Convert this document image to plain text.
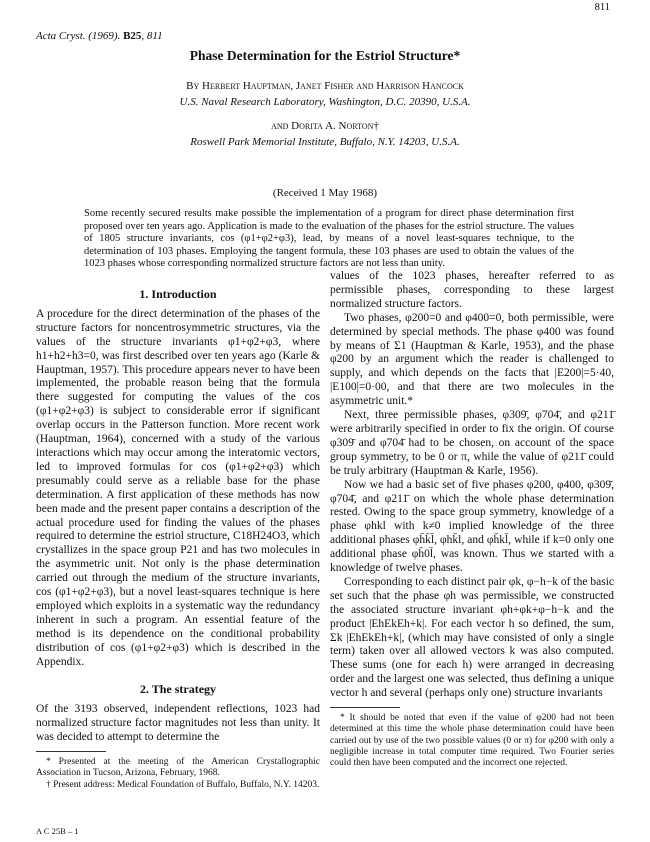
811
Acta Cryst. (1969). B25, 811
Phase Determination for the Estriol Structure*
By Herbert Hauptman, Janet Fisher and Harrison Hancock
U.S. Naval Research Laboratory, Washington, D.C. 20390, U.S.A.
and Dorita A. Norton†
Roswell Park Memorial Institute, Buffalo, N.Y. 14203, U.S.A.
(Received 1 May 1968)
Some recently secured results make possible the implementation of a program for direct phase determination first proposed over ten years ago. Application is made to the evaluation of the phases for the estriol structure. The values of 1805 structure invariants, cos (φ1+φ2+φ3), lead, by means of a novel least-squares technique, to the determination of 103 phases. Employing the tangent formula, these 103 phases are used to obtain the values of the 1023 phases whose corresponding normalized structure factors are not less than unity.
1. Introduction

A procedure for the direct determination of the phases of the structure factors for noncentrosymmetric structures, via the values of the structure invariants φ1+φ2+φ3, where h1+h2+h3=0, was first described over ten years ago (Karle & Hauptman, 1957). This procedure appears never to have been implemented, the probable reason being that the formula there suggested for computing the values of the cos (φ1+φ2+φ3) is subject to considerable error if significant overlap occurs in the Patterson function. More recent work (Hauptman, 1964), concerned with a study of the various interactions which may occur among the interatomic vectors, led to improved formulas for cos (φ1+φ2+φ3) which presumably could serve as a reliable base for the phase determination. A first application of these methods has now been made and the present paper contains a description of the actual procedure used for finding the values of the phases required to determine the estriol structure, C18H24O3, which crystallizes in the space group P21 and has two molecules in the asymmetric unit. Not only is the phase determination carried out through the medium of the structure invariants, cos (φ1+φ2+φ3), but a novel least-squares technique is here employed which exploits in a systematic way the redundancy inherent in such a program. An essential feature of the method is its dependence on the conditional probability distribution of cos (φ1+φ2+φ3) which is described in the Appendix.

2. The strategy

Of the 3193 observed, independent reflections, 1023 had normalized structure factor magnitudes not less than unity. It was decided to attempt to determine the

* Presented at the meeting of the American Crystallographic Association in Tucson, Arizona, February, 1968.

† Present address: Medical Foundation of Buffalo, Buffalo, N.Y. 14203.

values of the 1023 phases, hereafter referred to as permissible phases, corresponding to these largest normalized structure factors.

Two phases, φ200=0 and φ400=0, both permissible, were determined by special methods. The phase φ400 was found by means of Σ1 (Hauptman & Karle, 1953), and the phase φ200 by an argument which the reader is challenged to supply, and which depends on the facts that |E200|=5·40, |E100|=0·00, and that there are two molecules in the asymmetric unit.*

Next, three permissible phases, φ309̄, φ704̄, and φ211̄ were arbitrarily specified in order to fix the origin. Of course φ309̄ and φ704̄ had to be chosen, on account of the space group symmetry, to be 0 or π, while the value of φ211̄ could be truly arbitrary (Hauptman & Karle, 1956).

Now we had a basic set of five phases φ200, φ400, φ309̄, φ704̄, and φ211̄ on which the whole phase determination rested. Owing to the space group symmetry, knowledge of a phase φhkl with k≠0 implied knowledge of the three additional phases φh̄k̄l̄, φhk̄l, and φh̄kl̄, while if k=0 only one additional phase φh̄0l̄, was known. Thus we started with a knowledge of twelve phases.

Corresponding to each distinct pair φk, φ−h−k of the basic set such that the phase φh was permissible, we constructed the associated structure invariant φh+φk+φ−h−k and the product |EhEkEh+k|. For each vector h so defined, the sum, Σk |EhEkEh+k|, (which may have consisted of only a single term) taken over all allowed vectors k was also computed. These sums (one for each h) were arranged in decreasing order and the largest one was selected, thus defining a unique vector h and several (perhaps only one) structure invariants

* It should be noted that even if the value of φ200 had not been determined at this time the whole phase determination could have been carried out by use of the two possible values (0 or π) for φ200 with only a negligible increase in total computer time required. Two Fourier series could then have been computed and the incorrect one rejected.

A C 25B – 1
